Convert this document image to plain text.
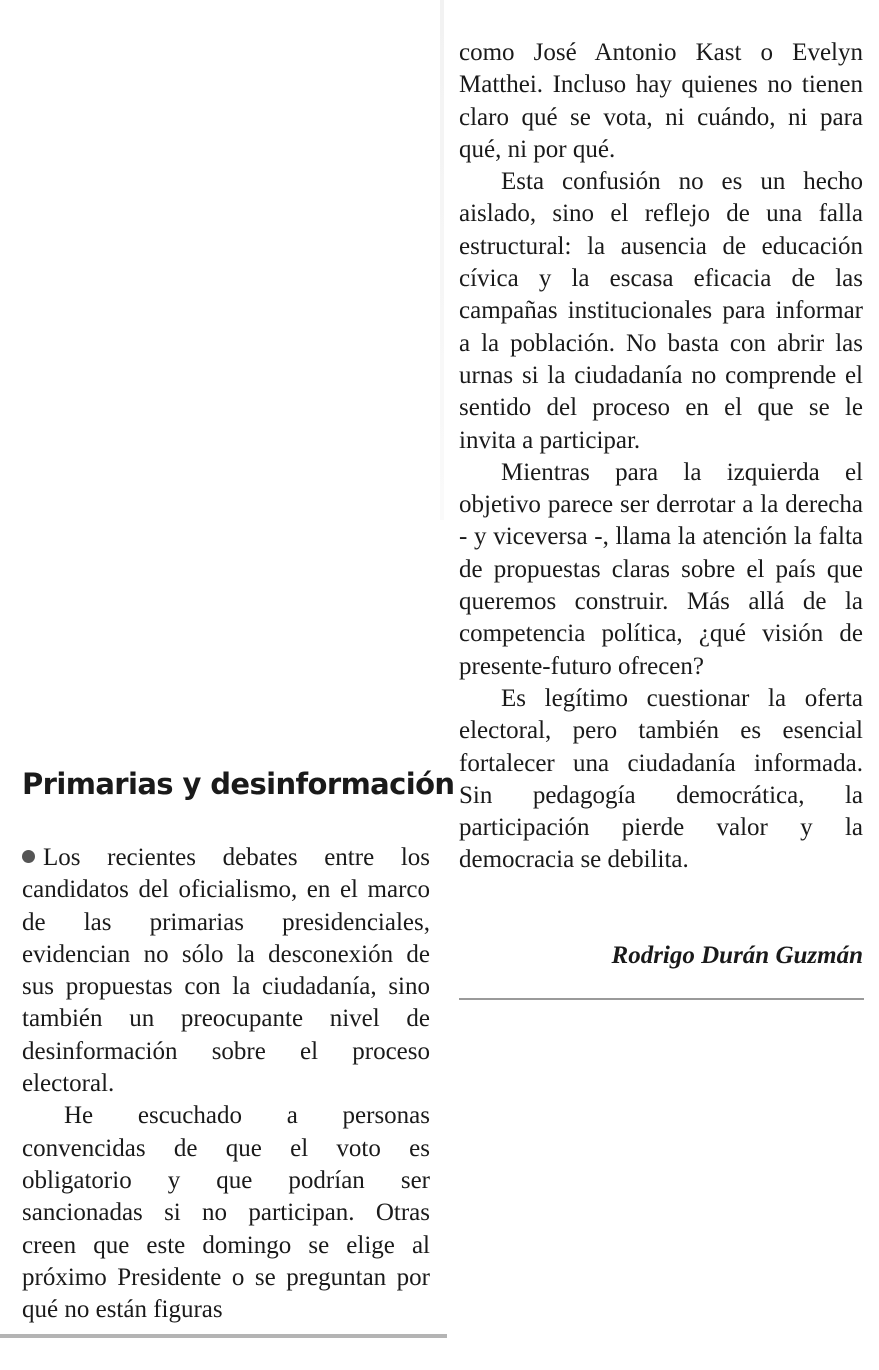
como José Antonio Kast o Evelyn Matthei. Incluso hay quienes no tienen claro qué se vota, ni cuándo, ni para qué, ni por qué.

Esta confusión no es un hecho aislado, sino el reflejo de una falla estructural: la ausencia de educación cívica y la escasa eficacia de las campañas institucionales para informar a la población. No basta con abrir las urnas si la ciudadanía no comprende el sentido del proceso en el que se le invita a participar.

Mientras para la izquierda el objetivo parece ser derrotar a la derecha - y viceversa -, llama la atención la falta de propuestas claras sobre el país que queremos construir. Más allá de la competencia política, ¿qué visión de presente-futuro ofrecen?

Es legítimo cuestionar la oferta electoral, pero también es esencial fortalecer una ciudadanía informada. Sin pedagogía democrática, la participación pierde valor y la democracia se debilita.

Rodrigo Durán Guzmán
Primarias y desinformación

Los recientes debates entre los candidatos del oficialismo, en el marco de las primarias presidenciales, evidencian no sólo la desconexión de sus propuestas con la ciudadanía, sino también un preocupante nivel de desinformación sobre el proceso electoral.

He escuchado a personas convencidas de que el voto es obligatorio y que podrían ser sancionadas si no participan. Otras creen que este domingo se elige al próximo Presidente o se preguntan por qué no están figuras
